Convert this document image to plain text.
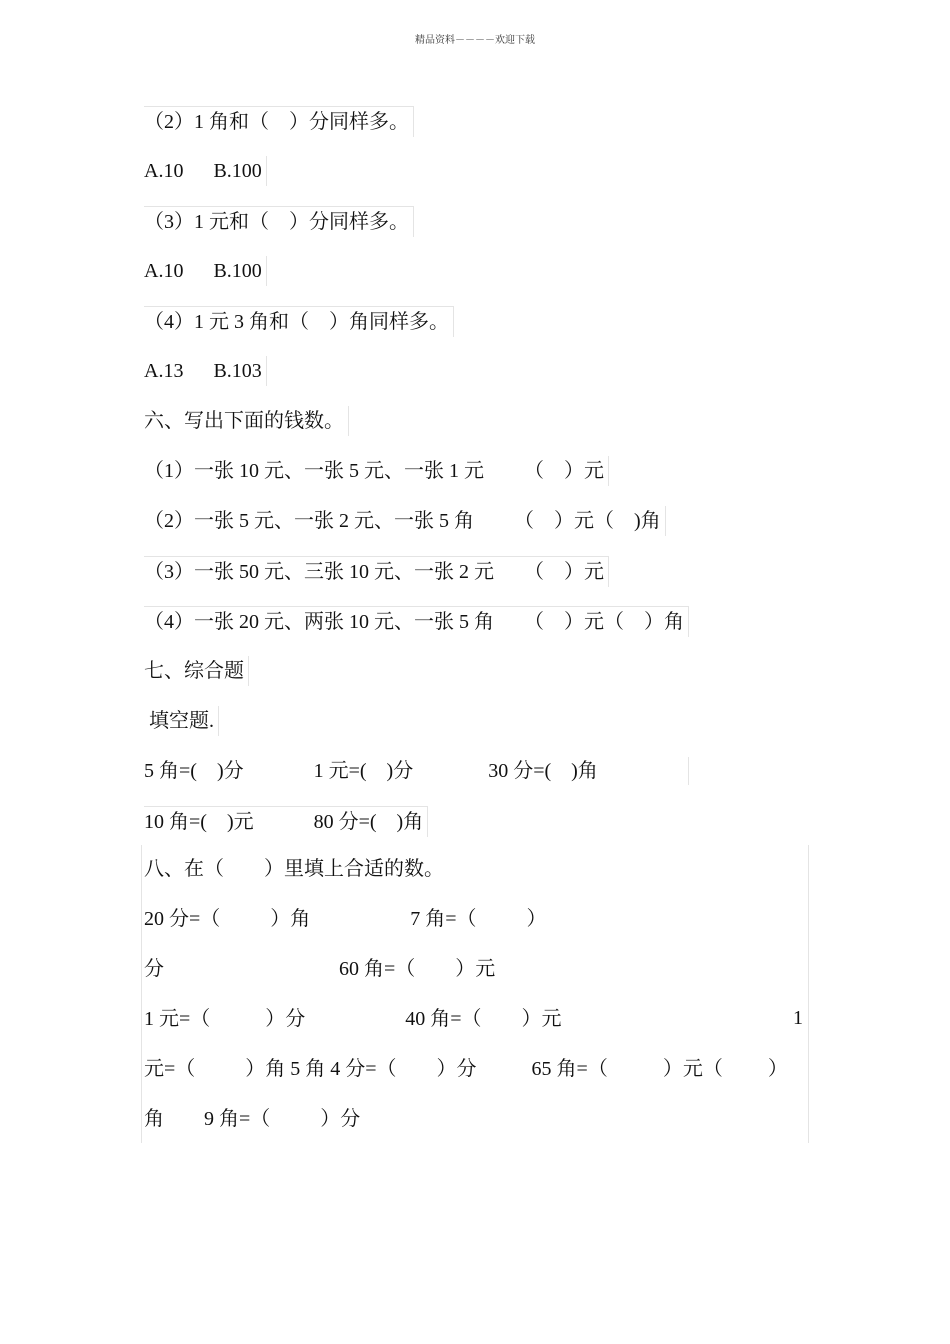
精品资料－－－－欢迎下载
（2）1 角和（    ）分同样多。
A.10      B.100
（3）1 元和（    ）分同样多。
A.10      B.100
（4）1 元 3 角和（    ）角同样多。
A.13      B.103
六、写出下面的钱数。
（1）一张 10 元、一张 5 元、一张 1 元        （    ）元
（2）一张 5 元、一张 2 元、一张 5 角        （    ）元（    )角
（3）一张 50 元、三张 10 元、一张 2 元      （    ）元
（4）一张 20 元、两张 10 元、一张 5 角      （    ）元（    ）角
七、综合题
填空题.
5 角=(    )分              1 元=(    )分               30 分=(    )角
10 角=(    )元            80 分=(    )角
八、在（        ）里填上合适的数。
20 分=（          ）角                    7 角=（          ）
分                                   60 角=（        ）元
1 元=（           ）分                    40 角=（        ）元	1
元=（          ）角 5 角 4 分=（        ）分           65 角=（           ）元（         ）
角        9 角=（          ）分
